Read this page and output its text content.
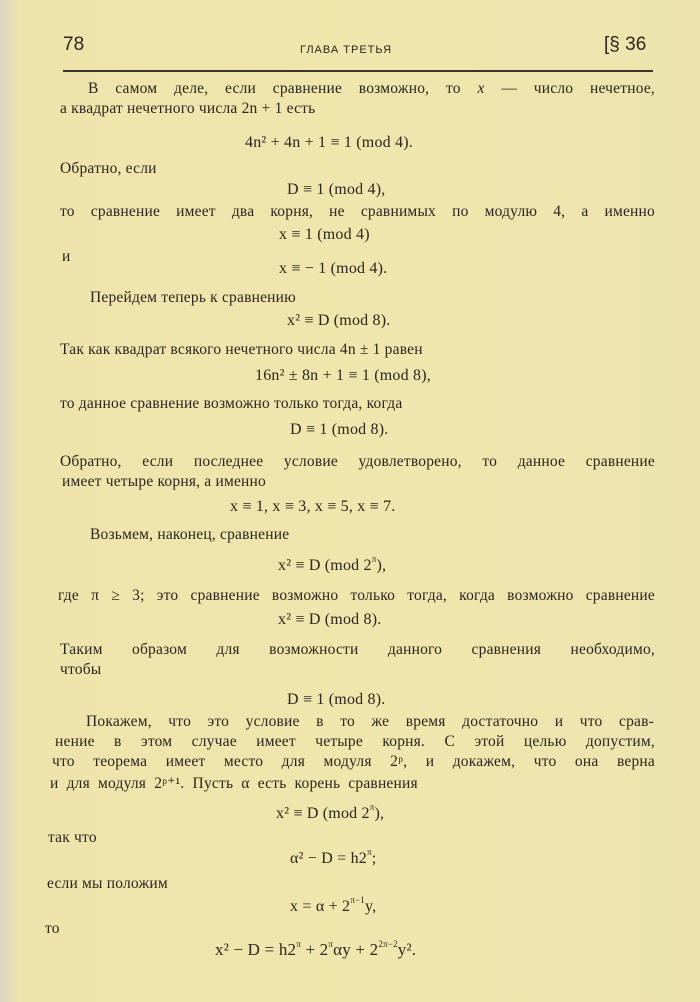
78	ГЛАВА ТРЕТЬЯ	[§ 36
В самом деле, если сравнение возможно, то x — число нечетное,
а квадрат нечетного числа 2n + 1 есть
4n² + 4n + 1 ≡ 1 (mod 4).
Обратно, если
D ≡ 1 (mod 4),
то сравнение имеет два корня, не сравнимых по модулю 4, а именно
x ≡ 1 (mod 4)
и
x ≡ − 1 (mod 4).
Перейдем теперь к сравнению
x² ≡ D (mod 8).
Так как квадрат всякого нечетного числа 4n ± 1 равен
16n² ± 8n + 1 ≡ 1 (mod 8),
то данное сравнение возможно только тогда, когда
D ≡ 1 (mod 8).
Обратно, если последнее условие удовлетворено, то данное сравнение
имеет четыре корня, а именно
x ≡ 1, x ≡ 3, x ≡ 5, x ≡ 7.
Возьмем, наконец, сравнение
x² ≡ D (mod $2^\pi$),
где π ≥ 3; это сравнение возможно только тогда, когда возможно сравнение
x² ≡ D (mod 8).
Таким образом для возможности данного сравнения необходимо,
чтобы
D ≡ 1 (mod 8).
Покажем, что это условие в то же время достаточно и что срав-
нение в этом случае имеет четыре корня. С этой целью допустим,
что теорема имеет место для модуля 2ᵖ, и докажем, что она верна
и для модуля 2ᵖ⁺¹. Пусть α есть корень сравнения
x² ≡ D (mod $2^\pi$),
так что
$\alpha^2 - D = h2^\pi$;
если мы положим
$x = \alpha + 2^{\pi-1}y$,
то
$x^2 - D = h2^\pi + 2^\pi\alpha y + 2^{2\pi-2}y^2$.
